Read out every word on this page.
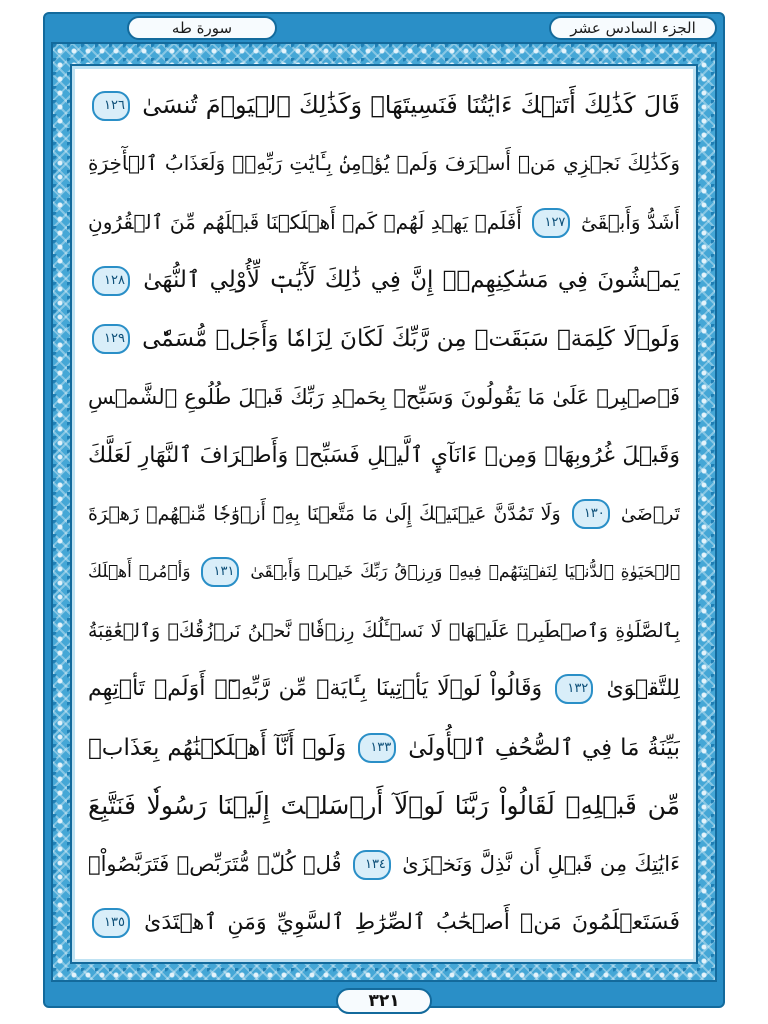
الجزء السادس عشر
سورة طه
قَالَ كَذَٰلِكَ أَتَتۡكَ ءَايَٰتُنَا فَنَسِيتَهَاۖ وَكَذَٰلِكَ ٱلۡيَوۡمَ تُنسَىٰ ١٢٦
وَكَذَٰلِكَ نَجۡزِي مَنۡ أَسۡرَفَ وَلَمۡ يُؤۡمِنۢ بِـَٔايَٰتِ رَبِّهِۦۚ وَلَعَذَابُ ٱلۡأٓخِرَةِ
أَشَدُّ وَأَبۡقَىٰٓ ١٢٧ أَفَلَمۡ يَهۡدِ لَهُمۡ كَمۡ أَهۡلَكۡنَا قَبۡلَهُم مِّنَ ٱلۡقُرُونِ
يَمۡشُونَ فِي مَسَٰكِنِهِمۡۚ إِنَّ فِي ذَٰلِكَ لَأٓيَٰتٖ لِّأُوْلِي ٱلنُّهَىٰ ١٢٨
وَلَوۡلَا كَلِمَةٞ سَبَقَتۡ مِن رَّبِّكَ لَكَانَ لِزَامٗا وَأَجَلٞ مُّسَمّٗى ١٢٩
فَٱصۡبِرۡ عَلَىٰ مَا يَقُولُونَ وَسَبِّحۡ بِحَمۡدِ رَبِّكَ قَبۡلَ طُلُوعِ ٱلشَّمۡسِ
وَقَبۡلَ غُرُوبِهَاۖ وَمِنۡ ءَانَآيِٕ ٱلَّيۡلِ فَسَبِّحۡ وَأَطۡرَافَ ٱلنَّهَارِ لَعَلَّكَ
تَرۡضَىٰ ١٣٠ وَلَا تَمُدَّنَّ عَيۡنَيۡكَ إِلَىٰ مَا مَتَّعۡنَا بِهِۦٓ أَزۡوَٰجٗا مِّنۡهُمۡ زَهۡرَةَ
ٱلۡحَيَوٰةِ ٱلدُّنۡيَا لِنَفۡتِنَهُمۡ فِيهِۚ وَرِزۡقُ رَبِّكَ خَيۡرٞ وَأَبۡقَىٰ ١٣١ وَأۡمُرۡ أَهۡلَكَ
بِٱلصَّلَوٰةِ وَٱصۡطَبِرۡ عَلَيۡهَاۖ لَا نَسۡـَٔلُكَ رِزۡقٗاۖ نَّحۡنُ نَرۡزُقُكَۗ وَٱلۡعَٰقِبَةُ
لِلتَّقۡوَىٰ ١٣٢ وَقَالُواْ لَوۡلَا يَأۡتِينَا بِـَٔايَةٖ مِّن رَّبِّهِۦٓۚ أَوَلَمۡ تَأۡتِهِم
بَيِّنَةُ مَا فِي ٱلصُّحُفِ ٱلۡأُولَىٰ ١٣٣ وَلَوۡ أَنَّآ أَهۡلَكۡنَٰهُم بِعَذَابٖ
مِّن قَبۡلِهِۦ لَقَالُواْ رَبَّنَا لَوۡلَآ أَرۡسَلۡتَ إِلَيۡنَا رَسُولٗا فَنَتَّبِعَ
ءَايَٰتِكَ مِن قَبۡلِ أَن نَّذِلَّ وَنَخۡزَىٰ ١٣٤ قُلۡ كُلّٞ مُّتَرَبِّصٞ فَتَرَبَّصُواْۖ
فَسَتَعۡلَمُونَ مَنۡ أَصۡحَٰبُ ٱلصِّرَٰطِ ٱلسَّوِيِّ وَمَنِ ٱهۡتَدَىٰ ١٣٥
٣٢١
